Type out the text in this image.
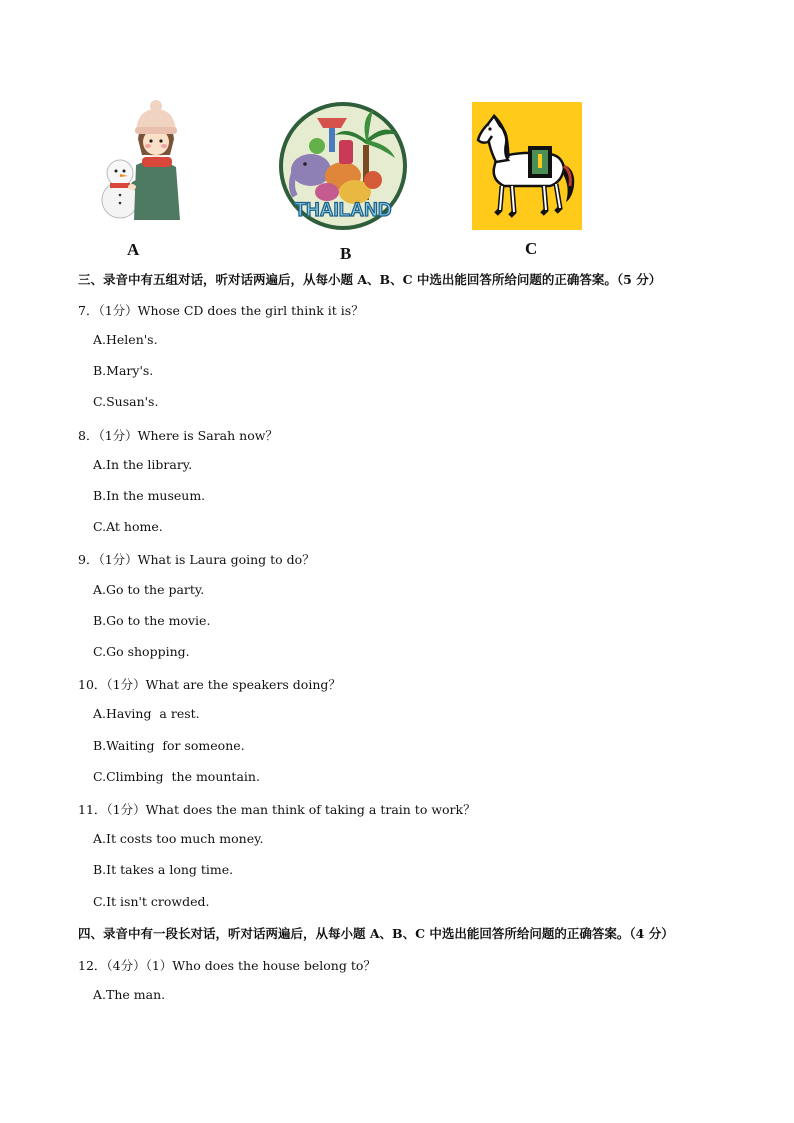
A
THAILAND
B	C
三、录音中有五组对话，听对话两遍后，从每小题 A、B、C 中选出能回答所给问题的正确答案。（5 分）
7．（1分）Whose CD does the girl think it is？
A.Helen's.
B.Mary's.
C.Susan's.
8．（1分）Where is Sarah now？
A.In the library.
B.In the museum.
C.At home.
9．（1分）What is Laura going to do？
A.Go to the party.
B.Go to the movie.
C.Go shopping.
10．（1分）What are the speakers doing？
A.Having  a rest.
B.Waiting  for someone.
C.Climbing  the mountain.
11．（1分）What does the man think of taking a train to work？
A.It costs too much money.
B.It takes a long time.
C.It isn't crowded.
四、录音中有一段长对话，听对话两遍后，从每小题 A、B、C 中选出能回答所给问题的正确答案。（4 分）
12．（4分）（1）Who does the house belong to？
A.The man.
